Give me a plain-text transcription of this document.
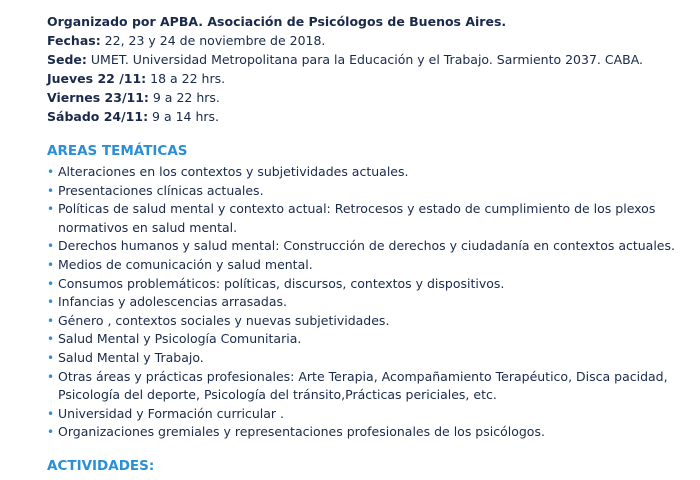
Organizado por APBA. Asociación de Psicólogos de Buenos Aires.
Fechas: 22, 23 y 24 de noviembre de 2018.
Sede: UMET. Universidad Metropolitana para la Educación y el Trabajo. Sarmiento 2037. CABA.
Jueves 22 /11: 18 a 22 hrs.
Viernes 23/11: 9 a 22 hrs.
Sábado 24/11: 9 a 14 hrs.
AREAS TEMÁTICAS
• Alteraciones en los contextos y subjetividades actuales.
• Presentaciones clínicas actuales.
• Políticas de salud mental y contexto actual: Retrocesos y estado de cumplimiento de los plexos normativos en salud mental.
• Derechos humanos y salud mental: Construcción de derechos y ciudadanía en contextos actuales.
• Medios de comunicación y salud mental.
• Consumos problemáticos: políticas, discursos, contextos y dispositivos.
• Infancias y adolescencias arrasadas.
• Género , contextos sociales y nuevas subjetividades.
• Salud Mental y Psicología Comunitaria.
• Salud Mental y Trabajo.
• Otras áreas y prácticas profesionales: Arte Terapia, Acompañamiento Terapéutico, Disca pacidad, Psicología del deporte, Psicología del tránsito,Prácticas periciales, etc.
• Universidad y Formación curricular .
• Organizaciones gremiales y representaciones profesionales de los psicólogos.
ACTIVIDADES:
